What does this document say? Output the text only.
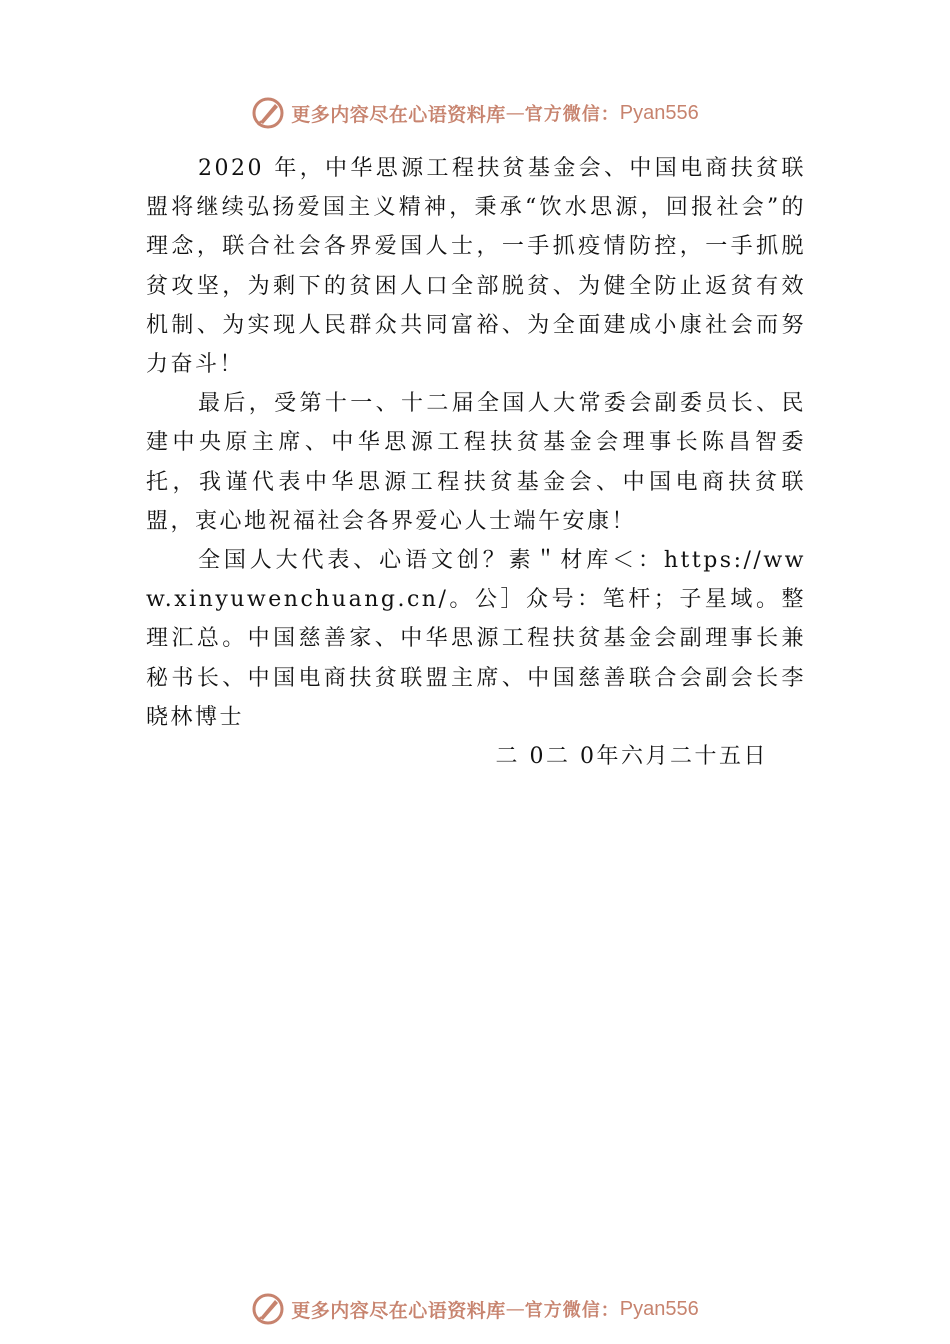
更多内容尽在心语资料库 — 官方微信： Pyan556

2020 年，中华思源工程扶贫基金会、中国电商扶贫联盟将继续弘扬爱国主义精神，秉承“饮水思源，回报社会”的理念，联合社会各界爱国人士，一手抓疫情防控，一手抓脱贫攻坚，为剩下的贫困人口全部脱贫、为健全防止返贫有效机制、为实现人民群众共同富裕、为全面建成小康社会而努力奋斗！

最后，受第十一、十二届全国人大常委会副委员长、民建中央原主席、中华思源工程扶贫基金会理事长陈昌智委托，我谨代表中华思源工程扶贫基金会、中国电商扶贫联盟，衷心地祝福社会各界爱心人士端午安康！

全国人大代表、心语文创？素＂材库＜：https://www.xinyuwenchuang.cn/。公］众号：笔杆；子星域。整理汇总。中国慈善家、中华思源工程扶贫基金会副理事长兼秘书长、中国电商扶贫联盟主席、中国慈善联合会副会长李晓林博士

二 0二 0年六月二十五日

更多内容尽在心语资料库 — 官方微信： Pyan556
